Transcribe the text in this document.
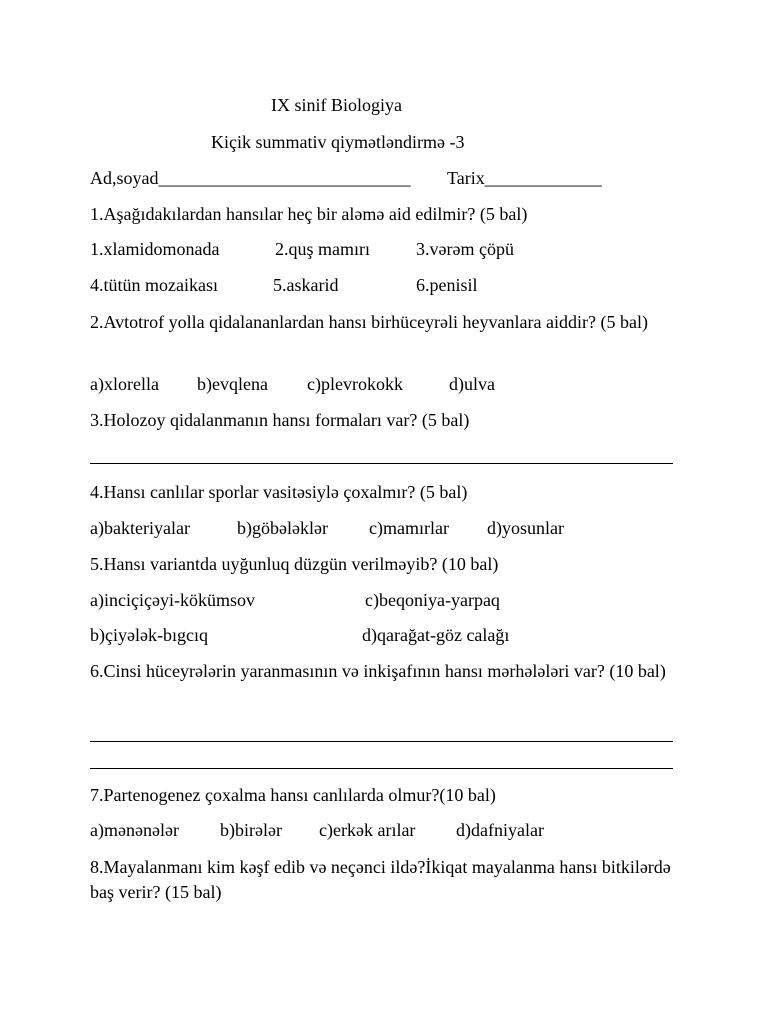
IX sinif Biologiya
Kiçik summativ qiymətləndirmə -3
Ad,soyad____________________________ Tarix_____________
1.Aşağıdakılardan hansılar heç bir aləmə aid edilmir? (5 bal)
1.xlamidomonada	2.quş mamırı	3.vərəm çöpü
4.tütün mozaikası	5.askarid	6.penisil
2.Avtotrof yolla qidalananlardan hansı birhüceyrəli heyvanlara aiddir? (5 bal)
a)xlorella b)evqlena c)plevrokokk	d)ulva
3.Holozoy qidalanmanın hansı formaları var? (5 bal)
4.Hansı canlılar sporlar vasitəsiylə çoxalmır? (5 bal)
a)bakteriyalar	b)göbələklər c)mamırlar d)yosunlar
5.Hansı variantda uyğunluq düzgün verilməyib? (10 bal)
a)inciçiçəyi-kökümsov	c)beqoniya-yarpaq
b)çiyələk-bıgcıq	d)qarağat-göz calağı
6.Cinsi hüceyrələrin yaranmasının və inkişafının hansı mərhələləri var? (10 bal)
7.Partenogenez çoxalma hansı canlılarda olmur?(10 bal)
a)mənənələr b)birələr c)erkək arılar d)dafniyalar
8.Mayalanmanı kim kəşf edib və neçənci ildə?İkiqat mayalanma hansı bitkilərdə baş verir? (15 bal)
